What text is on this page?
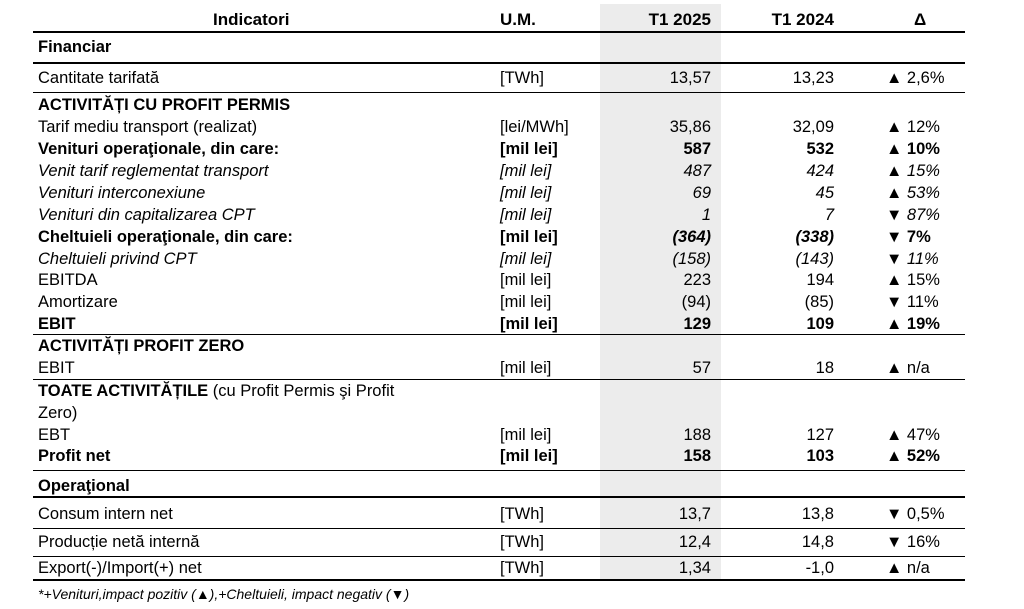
Indicatori	U.M.	T1 2025	T1 2024	Δ
Financiar
Cantitate tarifată	[TWh]	13,57	13,23	▲ 2,6%
ACTIVITĂȚI CU PROFIT PERMIS
Tarif mediu transport (realizat)	[lei/MWh]	35,86	32,09	▲ 12%
Venituri operaţionale, din care:	[mil lei]	587	532	▲ 10%
Venit tarif reglementat transport	[mil lei]	487	424	▲ 15%
Venituri interconexiune	[mil lei]	69	45	▲ 53%
Venituri din capitalizarea CPT	[mil lei]	1	7	▼ 87%
Cheltuieli operaţionale, din care:	[mil lei]	(364)	(338)	▼ 7%
Cheltuieli privind CPT	[mil lei]	(158)	(143)	▼ 11%
EBITDA	[mil lei]	223	194	▲ 15%
Amortizare	[mil lei]	(94)	(85)	▼ 11%
EBIT	[mil lei]	129	109	▲ 19%
ACTIVITĂȚI PROFIT ZERO
EBIT	[mil lei]	57	18	▲ n/a
TOATE ACTIVITĂȚILE (cu Profit Permis şi Profit
Zero)
EBT	[mil lei]	188	127	▲ 47%
Profit net	[mil lei]	158	103	▲ 52%
Operaţional
Consum intern net	[TWh]	13,7	13,8	▼ 0,5%
Producție netă internă	[TWh]	12,4	14,8	▼ 16%
Export(-)/Import(+) net	[TWh]	1,34	-1,0	▲ n/a
*+Venituri,impact pozitiv (▲),+Cheltuieli, impact negativ (▼)
